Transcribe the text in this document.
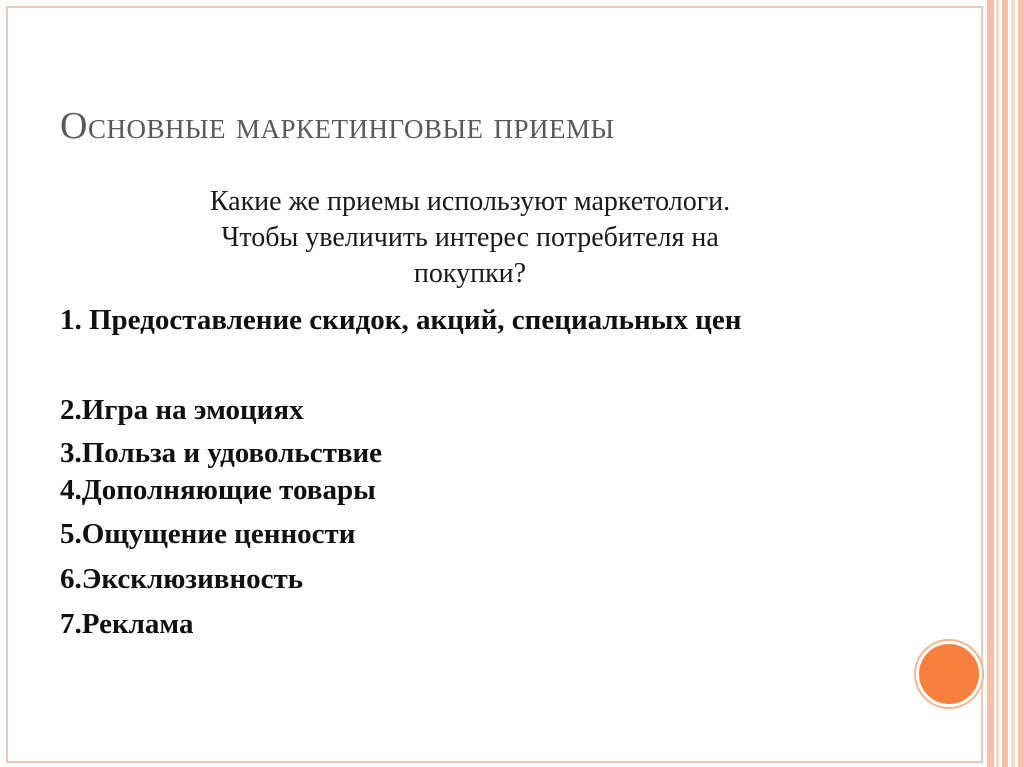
Основные маркетинговые приемы
Какие же приемы используют маркетологи.
Чтобы увеличить интерес потребителя на
покупки?
1. Предоставление скидок, акций, специальных цен
2.Игра на эмоциях
3.Польза и удовольствие
4.Дополняющие товары
5.Ощущение ценности
6.Эксклюзивность
7.Реклама
